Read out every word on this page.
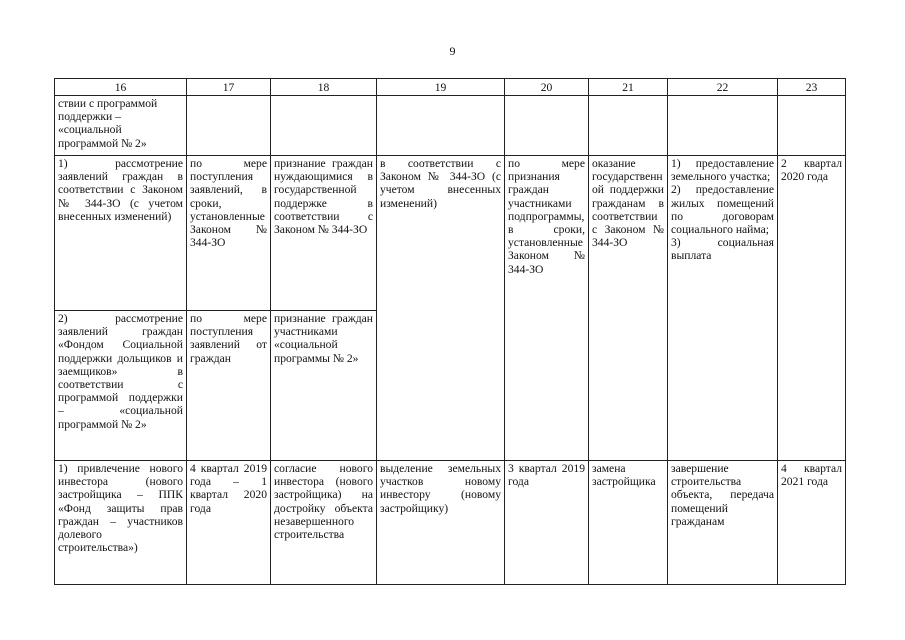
9
16	17	18	19	20	21	22	23
ствии с программой
поддержки –
«социальной
программой № 2»							
1) рассмотрение заявлений граждан в соответствии с Законом № 344-ЗО (с учетом внесенных изменений)	по мере поступления заявлений, в сроки, установленные Законом № 344-ЗО	признание граждан нуждающимися в государственной поддержке в соответствии с Законом № 344-ЗО	в соответствии с Законом № 344-ЗО (с учетом внесенных изменений)	по мере признания граждан участниками подпрограммы, в сроки, установленные Законом № 344-ЗО	оказание государственной поддержки гражданам в соответствии с Законом № 344-ЗО	1) предоставление земельного участка;
2) предоставление жилых помещений по договорам социального найма;
3) социальная выплата	2 квартал 2020 года
2) рассмотрение заявлений граждан «Фондом Социальной поддержки дольщиков и заемщиков» в соответствии с программой поддержки – «социальной программой № 2»	по мере поступления заявлений от граждан	признание граждан участниками «социальной программы № 2»					
1) привлечение нового инвестора (нового застройщика – ППК «Фонд защиты прав граждан – участников долевого строительства»)	4 квартал 2019 года – 1 квартал 2020 года	согласие нового инвестора (нового застройщика) на достройку объекта незавершенного строительства	выделение земельных участков новому инвестору (новому застройщику)	3 квартал 2019 года	замена застройщика	завершение строительства объекта, передача помещений гражданам	4 квартал 2021 года
